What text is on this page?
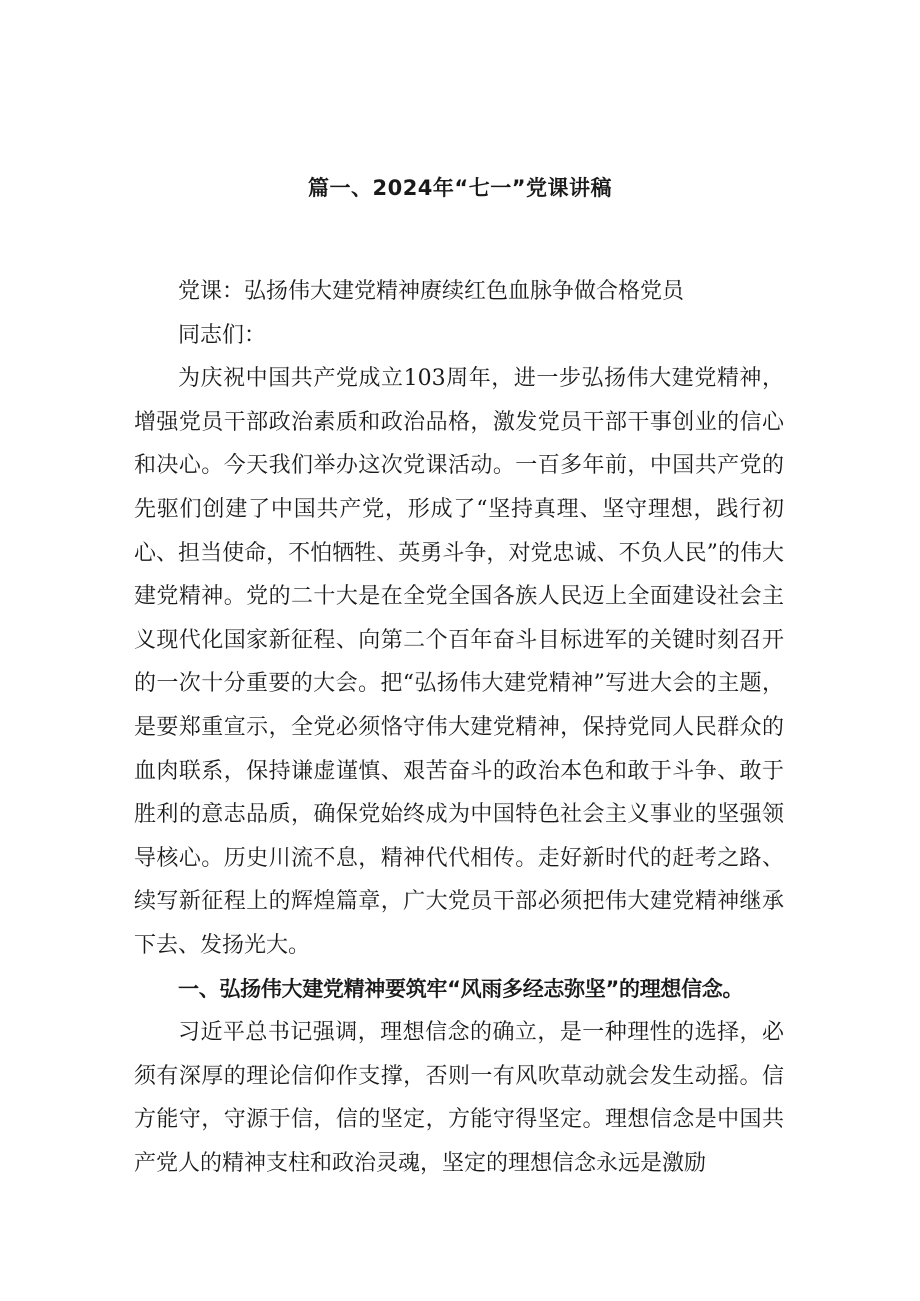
篇一、2024年“七一”党课讲稿

党课：弘扬伟大建党精神赓续红色血脉争做合格党员

同志们：

为庆祝中国共产党成立103周年，进一步弘扬伟大建党精神，增强党员干部政治素质和政治品格，激发党员干部干事创业的信心和决心。今天我们举办这次党课活动。一百多年前，中国共产党的先驱们创建了中国共产党，形成了“坚持真理、坚守理想，践行初心、担当使命，不怕牺牲、英勇斗争，对党忠诚、不负人民”的伟大建党精神。党的二十大是在全党全国各族人民迈上全面建设社会主义现代化国家新征程、向第二个百年奋斗目标进军的关键时刻召开的一次十分重要的大会。把“弘扬伟大建党精神”写进大会的主题，是要郑重宣示，全党必须恪守伟大建党精神，保持党同人民群众的血肉联系，保持谦虚谨慎、艰苦奋斗的政治本色和敢于斗争、敢于胜利的意志品质，确保党始终成为中国特色社会主义事业的坚强领导核心。历史川流不息，精神代代相传。走好新时代的赶考之路、续写新征程上的辉煌篇章，广大党员干部必须把伟大建党精神继承下去、发扬光大。

一、弘扬伟大建党精神要筑牢“风雨多经志弥坚”的理想信念。

习近平总书记强调，理想信念的确立，是一种理性的选择，必须有深厚的理论信仰作支撑，否则一有风吹草动就会发生动摇。信方能守，守源于信，信的坚定，方能守得坚定。理想信念是中国共产党人的精神支柱和政治灵魂，坚定的理想信念永远是激励
